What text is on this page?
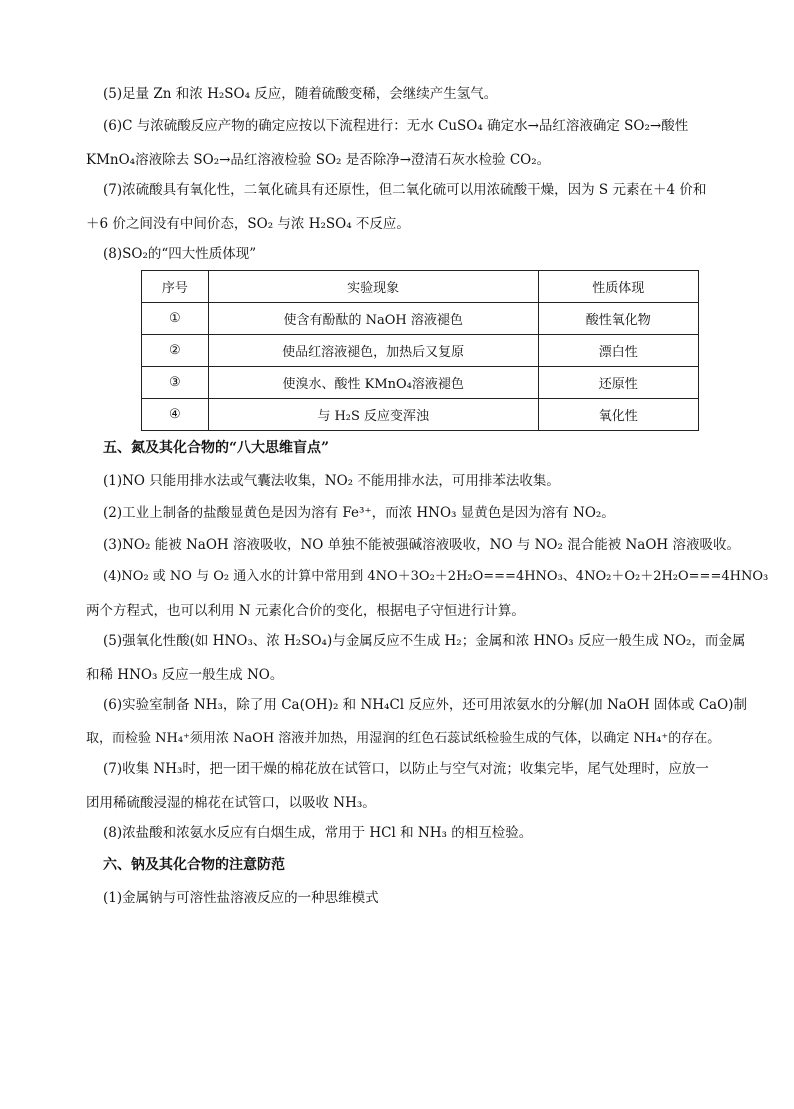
(5)足量 Zn 和浓 H₂SO₄ 反应，随着硫酸变稀，会继续产生氢气。
(6)C 与浓硫酸反应产物的确定应按以下流程进行：无水 CuSO₄ 确定水→品红溶液确定 SO₂→酸性
KMnO₄溶液除去 SO₂→品红溶液检验 SO₂ 是否除净→澄清石灰水检验 CO₂。
(7)浓硫酸具有氧化性，二氧化硫具有还原性，但二氧化硫可以用浓硫酸干燥，因为 S 元素在＋4 价和
＋6 价之间没有中间价态，SO₂ 与浓 H₂SO₄ 不反应。
(8)SO₂的“四大性质体现”
序号	实验现象	性质体现
①	使含有酚酞的 NaOH 溶液褪色	酸性氧化物
②	使品红溶液褪色，加热后又复原	漂白性
③	使溴水、酸性 KMnO₄溶液褪色	还原性
④	与 H₂S 反应变浑浊	氧化性
五、氮及其化合物的“八大思维盲点”
(1)NO 只能用排水法或气囊法收集，NO₂ 不能用排水法，可用排苯法收集。
(2)工业上制备的盐酸显黄色是因为溶有 Fe³⁺，而浓 HNO₃ 显黄色是因为溶有 NO₂。
(3)NO₂ 能被 NaOH 溶液吸收，NO 单独不能被强碱溶液吸收，NO 与 NO₂ 混合能被 NaOH 溶液吸收。
(4)NO₂ 或 NO 与 O₂ 通入水的计算中常用到 4NO＋3O₂＋2H₂O===4HNO₃、4NO₂＋O₂＋2H₂O===4HNO₃
两个方程式，也可以利用 N 元素化合价的变化，根据电子守恒进行计算。
(5)强氧化性酸(如 HNO₃、浓 H₂SO₄)与金属反应不生成 H₂；金属和浓 HNO₃ 反应一般生成 NO₂，而金属
和稀 HNO₃ 反应一般生成 NO。
(6)实验室制备 NH₃，除了用 Ca(OH)₂ 和 NH₄Cl 反应外，还可用浓氨水的分解(加 NaOH 固体或 CaO)制
取，而检验 NH₄⁺须用浓 NaOH 溶液并加热，用湿润的红色石蕊试纸检验生成的气体，以确定 NH₄⁺的存在。
(7)收集 NH₃时，把一团干燥的棉花放在试管口，以防止与空气对流；收集完毕，尾气处理时，应放一
团用稀硫酸浸湿的棉花在试管口，以吸收 NH₃。
(8)浓盐酸和浓氨水反应有白烟生成，常用于 HCl 和 NH₃ 的相互检验。
六、钠及其化合物的注意防范
(1)金属钠与可溶性盐溶液反应的一种思维模式
